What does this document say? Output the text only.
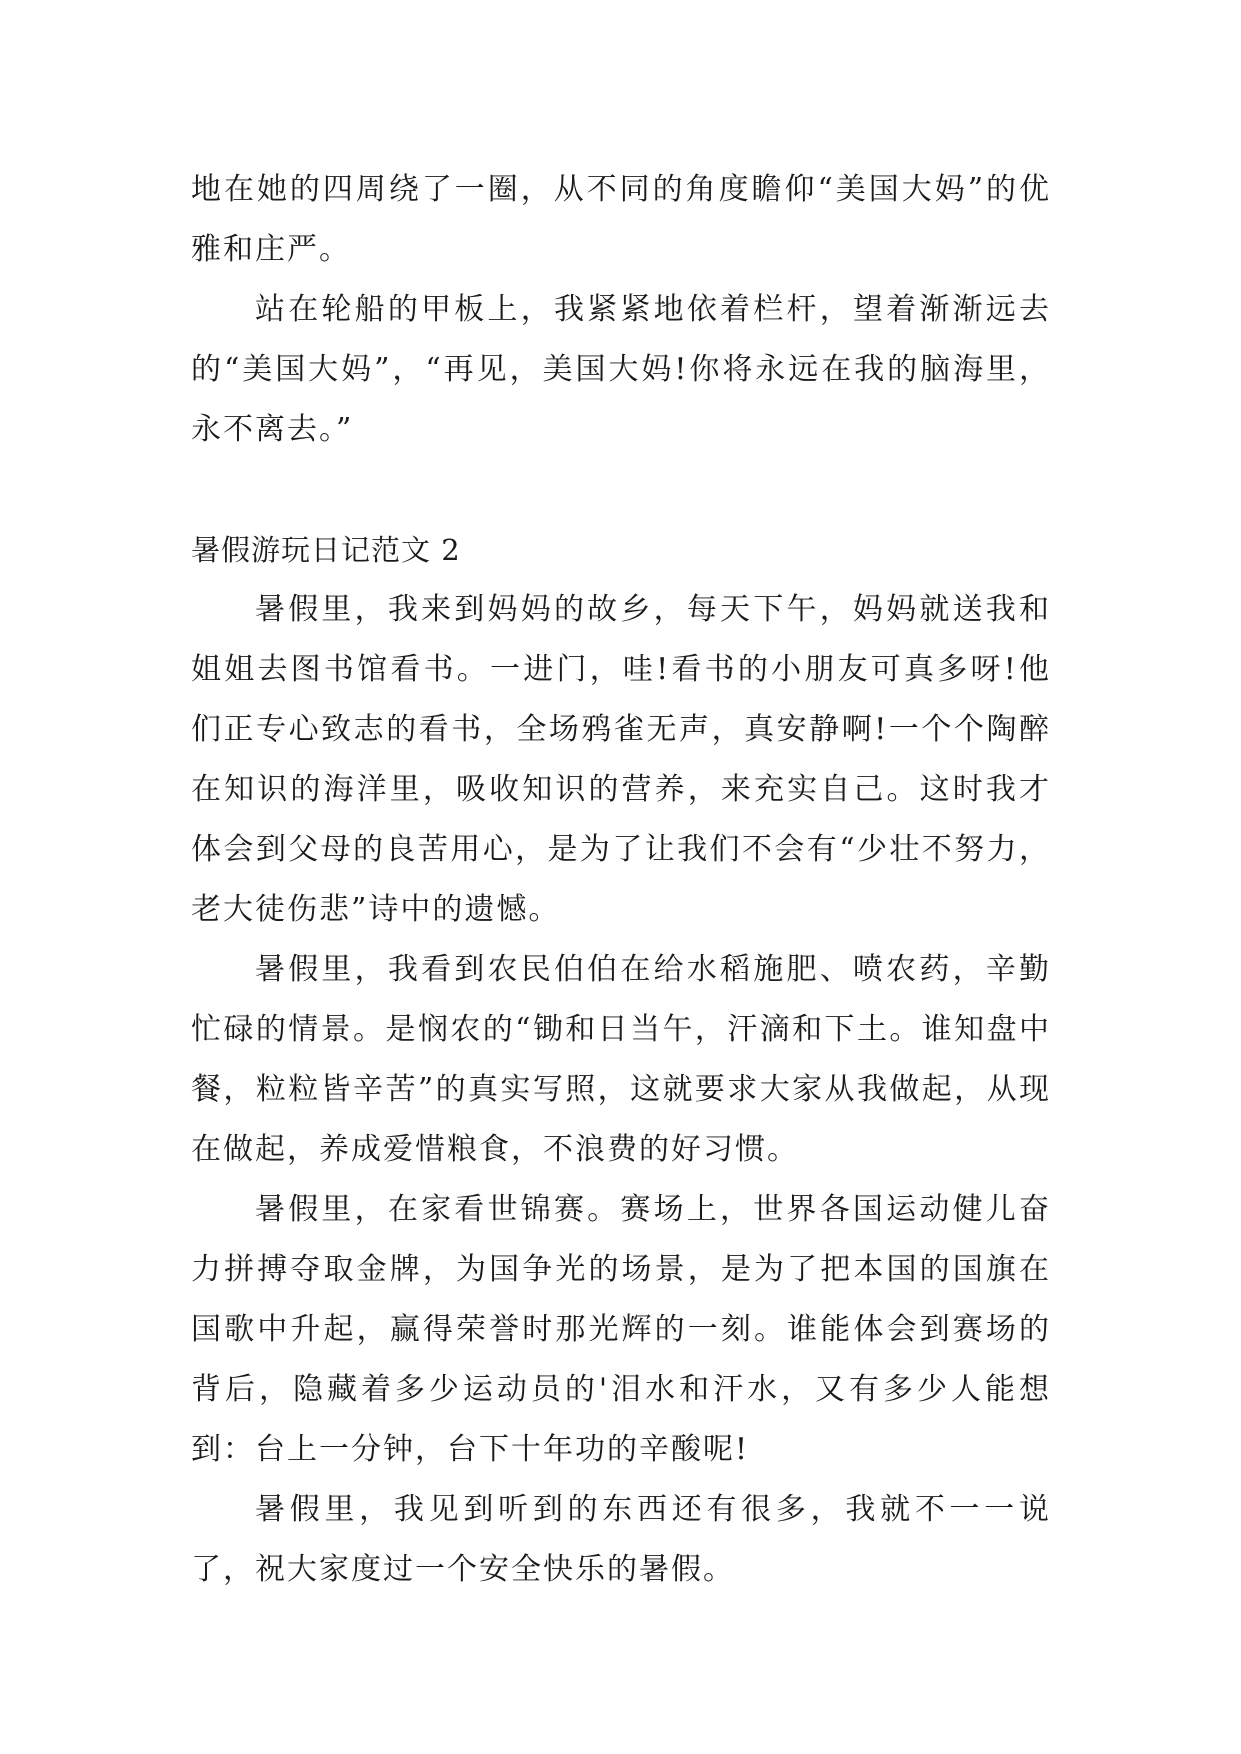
地在她的四周绕了一圈，从不同的角度瞻仰“美国大妈”的优雅和庄严。

站在轮船的甲板上，我紧紧地依着栏杆，望着渐渐远去的“美国大妈”，“再见，美国大妈!你将永远在我的脑海里，永不离去。”

暑假游玩日记范文 2

暑假里，我来到妈妈的故乡，每天下午，妈妈就送我和姐姐去图书馆看书。一进门，哇!看书的小朋友可真多呀!他们正专心致志的看书，全场鸦雀无声，真安静啊!一个个陶醉在知识的海洋里，吸收知识的营养，来充实自己。这时我才体会到父母的良苦用心，是为了让我们不会有“少壮不努力，老大徒伤悲”诗中的遗憾。

暑假里，我看到农民伯伯在给水稻施肥、喷农药，辛勤忙碌的情景。是悯农的“锄和日当午，汗滴和下土。谁知盘中餐，粒粒皆辛苦”的真实写照，这就要求大家从我做起，从现在做起，养成爱惜粮食，不浪费的好习惯。

暑假里，在家看世锦赛。赛场上，世界各国运动健儿奋力拼搏夺取金牌，为国争光的场景，是为了把本国的国旗在国歌中升起，赢得荣誉时那光辉的一刻。谁能体会到赛场的背后，隐藏着多少运动员的'泪水和汗水，又有多少人能想到：台上一分钟，台下十年功的辛酸呢!

暑假里，我见到听到的东西还有很多，我就不一一说了，祝大家度过一个安全快乐的暑假。
